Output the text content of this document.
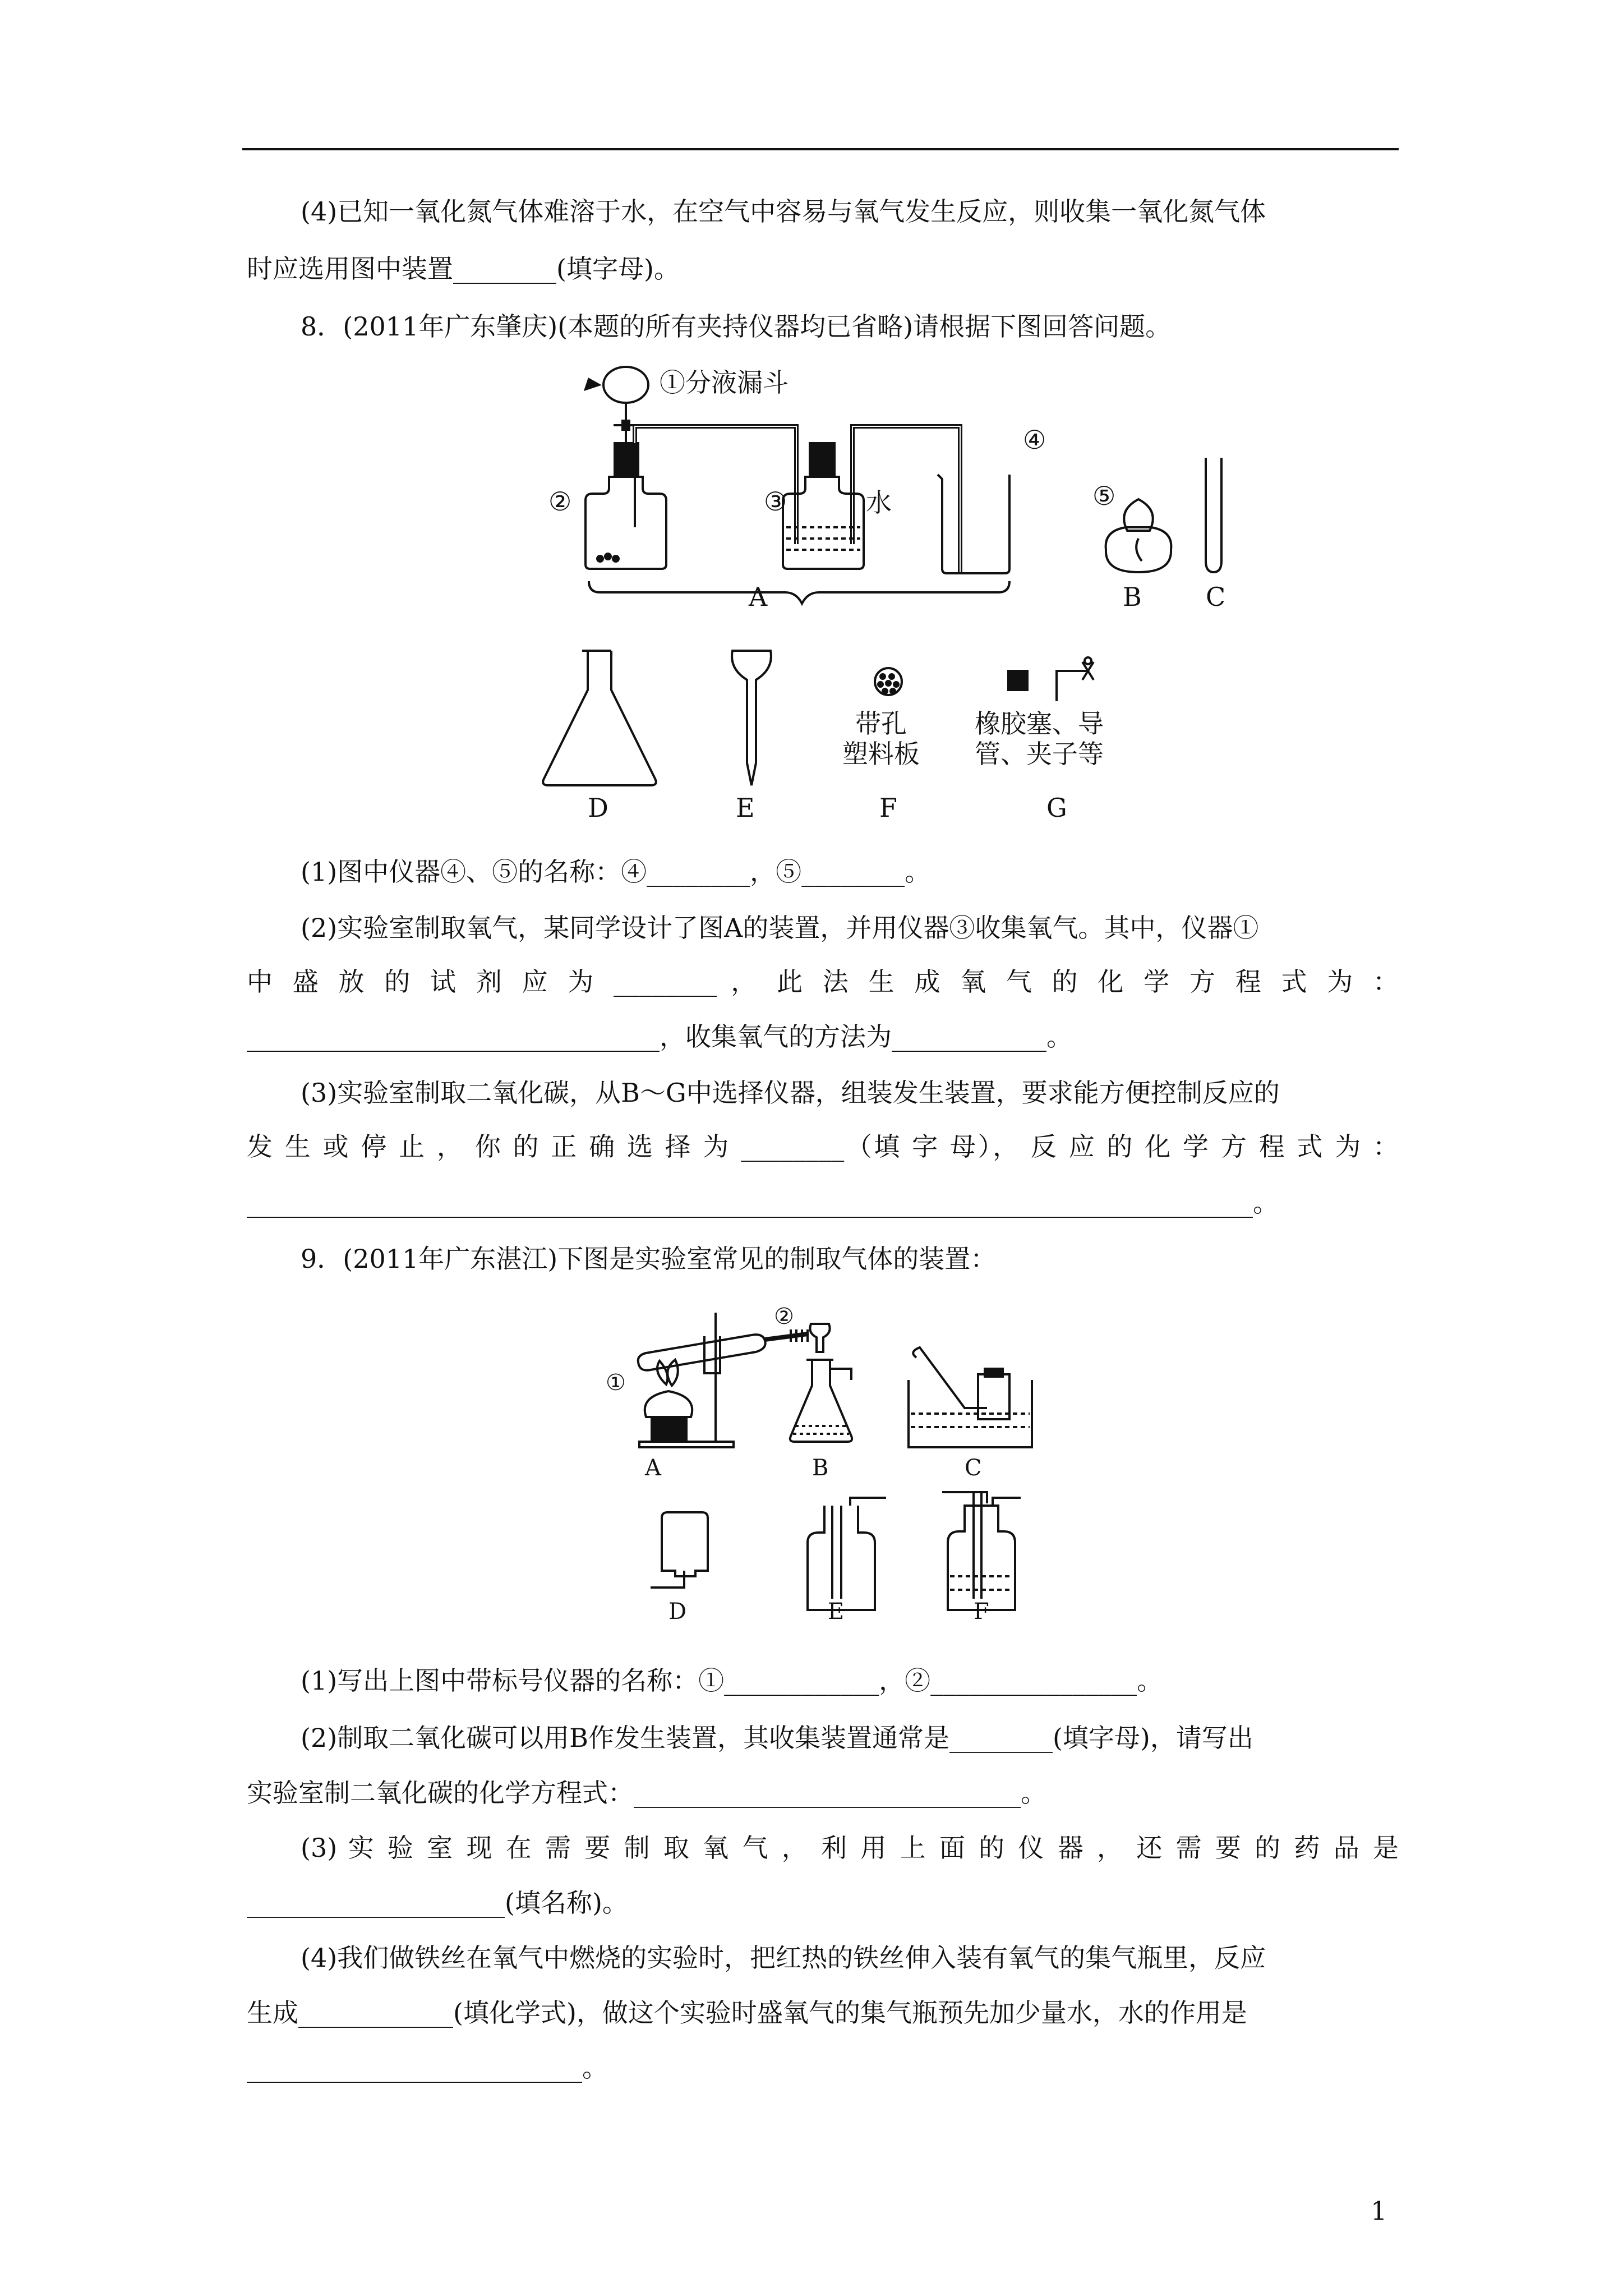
(4)已知一氧化氮气体难溶于水，在空气中容易与氧气发生反应，则收集一氧化氮气体
时应选用图中装置________(填字母)。
8．(2011年广东肇庆)(本题的所有夹持仪器均已省略)请根据下图回答问题。
①分液漏斗
②	③	水
④
A
⑤
B C
D	E
带孔
塑料板
F
橡胶塞、导
管、夹子等
G
(1)图中仪器④、⑤的名称：④________，⑤________。
(2)实验室制取氧气，某同学设计了图A的装置，并用仪器③收集氧气。其中，仪器①
中 盛 放 的 试 剂 应 为 ________ ， 此 法 生 成 氧 气 的 化 学 方 程 式 为 ：
________________________________，收集氧气的方法为____________。
(3)实验室制取二氧化碳，从B～G中选择仪器，组装发生装置，要求能方便控制反应的
发 生 或 停 止 ， 你 的 正 确 选 择 为 ________（填 字 母）， 反 应 的 化 学 方 程 式 为 ：
______________________________________________________________________________。
9．(2011年广东湛江)下图是实验室常见的制取气体的装置：
①
A
②
B	C
D	E	F
(1)写出上图中带标号仪器的名称：①____________，②________________。
(2)制取二氧化碳可以用B作发生装置，其收集装置通常是________(填字母)，请写出
实验室制二氧化碳的化学方程式：______________________________。
(3) 实 验 室 现 在 需 要 制 取 氧 气 ， 利 用 上 面 的 仪 器 ， 还 需 要 的 药 品 是
____________________(填名称)。
(4)我们做铁丝在氧气中燃烧的实验时，把红热的铁丝伸入装有氧气的集气瓶里，反应
生成____________(填化学式)，做这个实验时盛氧气的集气瓶预先加少量水，水的作用是
__________________________。
1
